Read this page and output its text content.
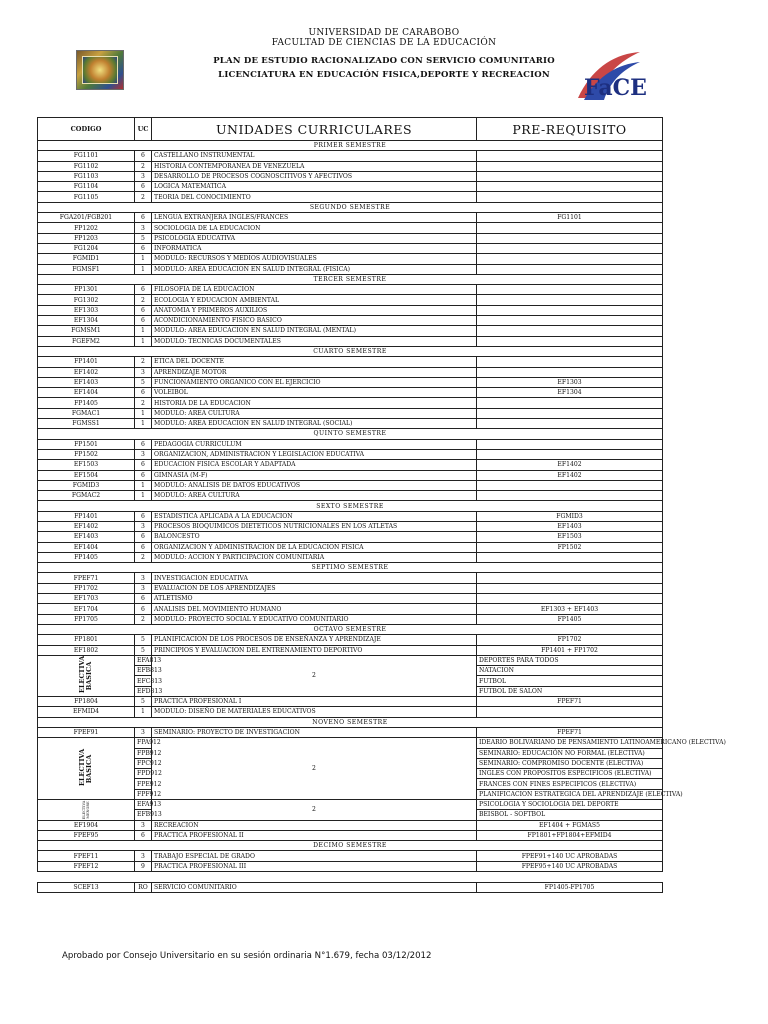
UNIVERSIDAD DE CARABOBO
FACULTAD DE CIENCIAS DE LA EDUCACIÓN
PLAN DE ESTUDIO RACIONALIZADO CON SERVICIO COMUNITARIO
LICENCIATURA EN EDUCACIÓN FISICA,DEPORTE Y RECREACION	FaCE
CODIGO	UC	UNIDADES CURRICULARES	PRE-REQUISITO	
PRIMER SEMESTRE				
FG1101	6	CASTELLANO INSTRUMENTAL		
FG1102	2	HISTORIA CONTEMPORANEA DE VENEZUELA		
FG1103	3	DESARROLLO DE PROCESOS COGNOSCITIVOS Y AFECTIVOS		
FG1104	6	LOGICA MATEMATICA		
FG1105	2	TEORIA DEL CONOCIMIENTO		
SEGUNDO SEMESTRE				
FGA201/FGB201	6	LENGUA EXTRANJERA INGLES/FRANCES	FG1101	
FP1202	3	SOCIOLOGIA DE LA EDUCACION		
FP1203	5	PSICOLOGIA EDUCATIVA		
FG1204	6	INFORMATICA		
FGMID1	1	MODULO: RECURSOS Y MEDIOS AUDIOVISUALES		
FGMSF1	1	MODULO: AREA EDUCACION EN SALUD INTEGRAL (FISICA)		
TERCER SEMESTRE				
FP1301	6	FILOSOFIA DE LA EDUCACION		
FG1302	2	ECOLOGIA Y EDUCACION AMBIENTAL		
EF1303	6	ANATOMIA Y PRIMEROS AUXILIOS		
EF1304	6	ACONDICIONAMIENTO FISICO BASICO		
FGMSM1	1	MODULO: AREA EDUCACION EN SALUD INTEGRAL (MENTAL)		
FGEFM2	1	MODULO: TECNICAS DOCUMENTALES		
CUARTO SEMESTRE				
FP1401	2	ETICA DEL DOCENTE		
EF1402	3	APRENDIZAJE MOTOR		
EF1403	5	FUNCIONAMIENTO ORGANICO CON EL EJERCICIO	EF1303	
EF1404	6	VOLEIBOL	EF1304	
FP1405	2	HISTORIA DE LA EDUCACION		
FGMAC1	1	MODULO: AREA CULTURA		
FGMSS1	1	MODULO: AREA EDUCACION EN SALUD INTEGRAL (SOCIAL)		
QUINTO SEMESTRE				
FP1501	6	PEDAGOGIA CURRICULUM		
FP1502	3	ORGANIZACION, ADMINISTRACION Y LEGISLACION EDUCATIVA		
EF1503	6	EDUCACION FISICA ESCOLAR Y ADAPTADA	EF1402	
EF1504	6	GIMNASIA (M-F)	EF1402	
FGMID3	1	MODULO: ANALISIS DE DATOS EDUCATIVOS		
FGMAC2	1	MODULO: AREA CULTURA		
SEXTO SEMESTRE				
FP1401	6	ESTADISTICA APLICADA A LA EDUCACION	FGMID3	
EF1402	3	PROCESOS BIOQUIMICOS DIETETICOS NUTRICIONALES EN LOS ATLETAS	EF1403	
EF1403	6	BALONCESTO	EF1503	
EF1404	6	ORGANIZACION Y ADMINISTRACION DE LA EDUCACION FISICA	FP1502	
FP1405	2	MODULO: ACCION Y PARTICIPACION COMUNITARIA		
SEPTIMO SEMESTRE				
FPEF71	3	INVESTIGACION EDUCATIVA		
FP1702	3	EVALUACION DE LOS APRENDIZAJES		
EF1703	6	ATLETISMO		
EF1704	6	ANALISIS DEL MOVIMIENTO HUMANO	EF1303 + EF1403	
FP1705	2	MODULO: PROYECTO SOCIAL Y EDUCATIVO COMUNITARIO	FP1405	
OCTAVO SEMESTRE				
FP1801	5	PLANIFICACION DE LOS PROCESOS DE ENSEÑANZA Y APRENDIZAJE	FP1702	
EF1802	5	PRINCIPIOS Y EVALUACION DEL ENTRENAMIENTO DEPORTIVO	FP1401 + FP1702	

ELECTIVA BASICA	EFA813	2	DEPORTES PARA TODOS	
	EFB813		NATACION	
	EFC813		FUTBOL	
	EFD813		FUTBOL DE SALON	
FP1804	5	PRACTICA PROFESIONAL I	FPEF71	
EFMID4	1	MODULO: DISEÑO DE MATERIALES EDUCATIVOS		
NOVENO SEMESTRE				
FPEF91	3	SEMINARIO: PROYECTO DE INVESTIGACION	FPEF71	

ELECTIVA BASICA	FPA912	2	IDEARIO BOLIVARIANO DE PENSAMIENTO LATINOAMERICANO (ELECTIVA)	
	FPB912		SEMINARIO: EDUCACIÓN NO FORMAL (ELECTIVA)	
	FPC912		SEMINARIO: COMPROMISO DOCENTE (ELECTIVA)	
	FPD912		INGLES CON PROPOSITOS ESPECIFICOS (ELECTIVA)	
	FPE912		FRANCES CON FINES ESPECIFICOS (ELECTIVA)	
	FPF912		PLANIFICACION ESTRATEGICA DEL APRENDIZAJE (ELECTIVA)	

ELECTIVA MENORE	EFA913	2	PSICOLOGIA Y SOCIOLOGIA DEL DEPORTE	
	EFB913		BEISBOL - SOFTBOL	
EF1904	3	RECREACION	EF1404 + FGMAS5	
FPEF95	6	PRACTICA PROFESIONAL II	FP1801+FP1804+EFMID4	
DECIMO SEMESTRE				
FPEF11	3	TRABAJO ESPECIAL DE GRADO	FPEF91+140 UC APROBADAS	
FPEF12	9	PRACTICA PROFESIONAL III	FPEF95+140 UC APROBADAS	

SCEF13	RO	SERVICIO COMUNITARIO	FP1405-FP1705	
Aprobado por Consejo Universitario en su sesión ordinaria N°1.679, fecha 03/12/2012
